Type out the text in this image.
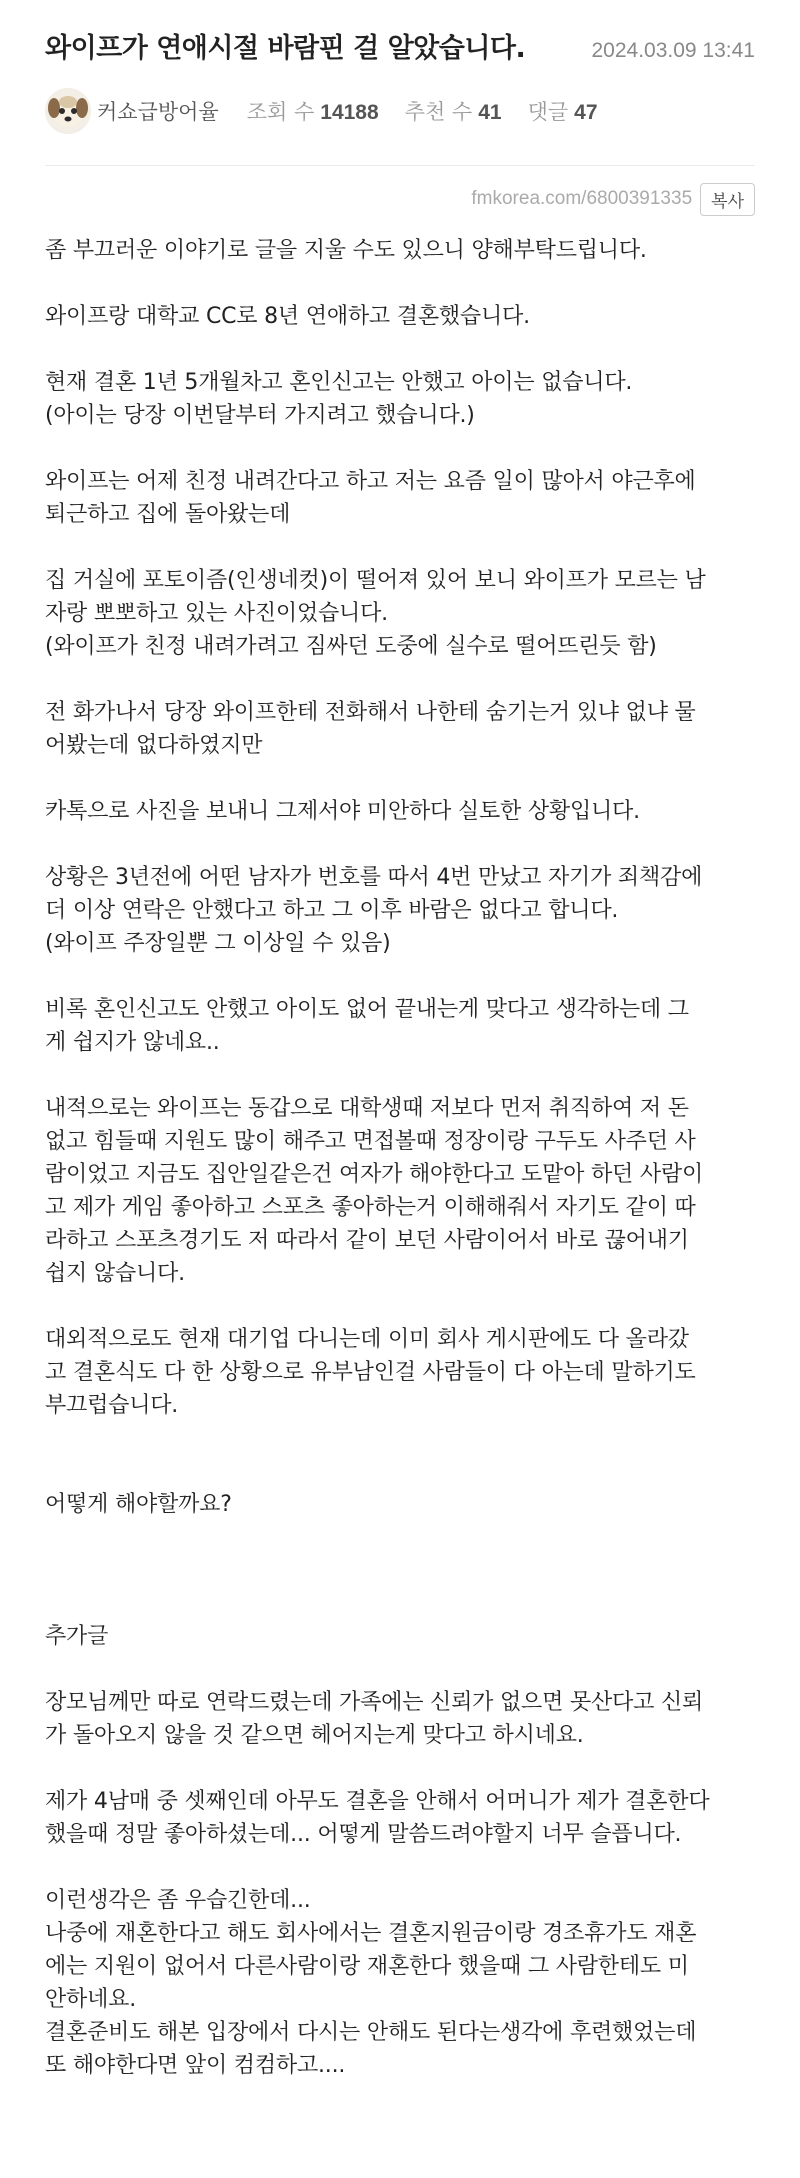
와이프가 연애시절 바람핀 걸 알았습니다.	2024.03.09 13:41
커쇼급방어율 조회 수 14188 추천 수 41 댓글 47
fmkorea.com/6800391335	복사

좀 부끄러운 이야기로 글을 지울 수도 있으니 양해부탁드립니다.

와이프랑 대학교 CC로 8년 연애하고 결혼했습니다.

현재 결혼 1년 5개월차고 혼인신고는 안했고 아이는 없습니다.

(아이는 당장 이번달부터 가지려고 했습니다.)

와이프는 어제 친정 내려간다고 하고 저는 요즘 일이 많아서 야근후에

퇴근하고 집에 돌아왔는데

집 거실에 포토이즘(인생네컷)이 떨어져 있어 보니 와이프가 모르는 남

자랑 뽀뽀하고 있는 사진이었습니다.

(와이프가 친정 내려가려고 짐싸던 도중에 실수로 떨어뜨린듯 함)

전 화가나서 당장 와이프한테 전화해서 나한테 숨기는거 있냐 없냐 물

어봤는데 없다하였지만

카톡으로 사진을 보내니 그제서야 미안하다 실토한 상황입니다.

상황은 3년전에 어떤 남자가 번호를 따서 4번 만났고 자기가 죄책감에

더 이상 연락은 안했다고 하고 그 이후 바람은 없다고 합니다.

(와이프 주장일뿐 그 이상일 수 있음)

비록 혼인신고도 안했고 아이도 없어 끝내는게 맞다고 생각하는데 그

게 쉽지가 않네요..

내적으로는 와이프는 동갑으로 대학생때 저보다 먼저 취직하여 저 돈

없고 힘들때 지원도 많이 해주고 면접볼때 정장이랑 구두도 사주던 사

람이었고 지금도 집안일같은건 여자가 해야한다고 도맡아 하던 사람이

고 제가 게임 좋아하고 스포츠 좋아하는거 이해해줘서 자기도 같이 따

라하고 스포츠경기도 저 따라서 같이 보던 사람이어서 바로 끊어내기

쉽지 않습니다.

대외적으로도 현재 대기업 다니는데 이미 회사 게시판에도 다 올라갔

고 결혼식도 다 한 상황으로 유부남인걸 사람들이 다 아는데 말하기도

부끄럽습니다.

어떻게 해야할까요?

추가글

장모님께만 따로 연락드렸는데 가족에는 신뢰가 없으면 못산다고 신뢰

가 돌아오지 않을 것 같으면 헤어지는게 맞다고 하시네요.

제가 4남매 중 셋째인데 아무도 결혼을 안해서 어머니가 제가 결혼한다

했을때 정말 좋아하셨는데... 어떻게 말씀드려야할지 너무 슬픕니다.

이런생각은 좀 우습긴한데...

나중에 재혼한다고 해도 회사에서는 결혼지원금이랑 경조휴가도 재혼

에는 지원이 없어서 다른사람이랑 재혼한다 했을때 그 사람한테도 미

안하네요.

결혼준비도 해본 입장에서 다시는 안해도 된다는생각에 후련했었는데

또 해야한다면 앞이 컴컴하고....
